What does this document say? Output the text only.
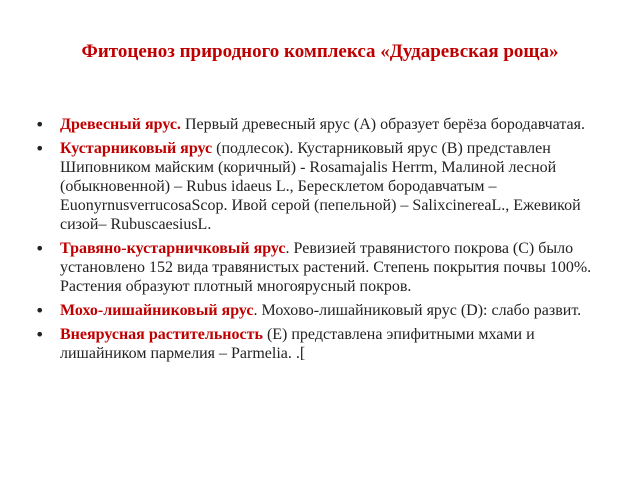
Фитоценоз природного комплекса «Дударевская роща»
• Древесный ярус. Первый древесный ярус (А) образует берёза бородавчатая.
• Кустарниковый ярус (подлесок). Кустарниковый ярус (В) представлен Шиповником майским (коричный) - Rosamajalis Herrm, Малиной лесной (обыкновенной) – Rubus idaeus L., Бересклетом бородавчатым – EuonyrnusverrucosaScop. Ивой серой (пепельной) – SalixcinereaL., Ежевикой сизой– RubuscaesiusL.
• Травяно-кустарничковый ярус. Ревизией травянистого покрова (С) было установлено 152 вида травянистых растений. Степень покрытия почвы 100%. Растения образуют плотный многоярусный покров.
• Мохо-лишайниковый ярус. Мохово-лишайниковый ярус (D): слабо развит.
• Внеярусная растительность (Е) представлена эпифитными мхами и лишайником пармелия – Parmelia. .[
